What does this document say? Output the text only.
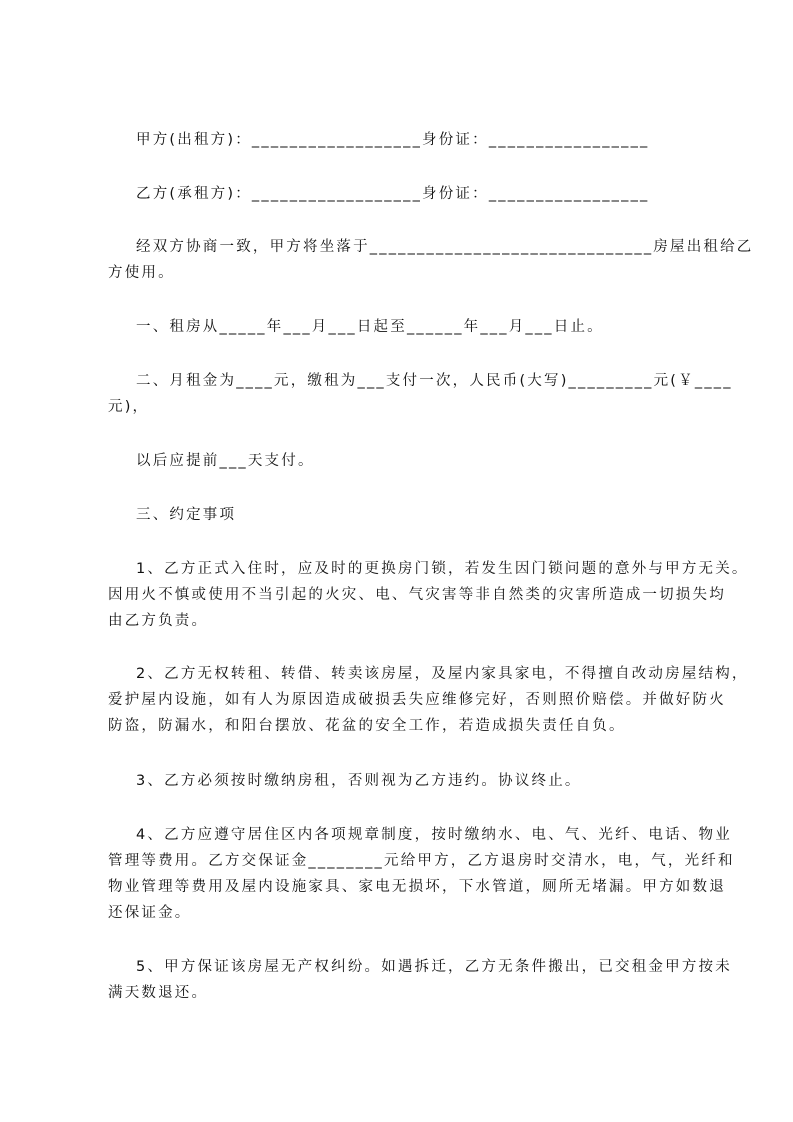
甲方(出租方)：__________________身份证：_________________
乙方(承租方)：__________________身份证：_________________
经双方协商一致，甲方将坐落于______________________________房屋出租给乙
方使用。
一、租房从_____年___月___日起至______年___月___日止。
二、月租金为____元，缴租为___支付一次，人民币(大写)_________元(￥____
元)，
以后应提前___天支付。
三、约定事项
1、乙方正式入住时，应及时的更换房门锁，若发生因门锁问题的意外与甲方无关。
因用火不慎或使用不当引起的火灾、电、气灾害等非自然类的灾害所造成一切损失均
由乙方负责。
2、乙方无权转租、转借、转卖该房屋，及屋内家具家电，不得擅自改动房屋结构，
爱护屋内设施，如有人为原因造成破损丢失应维修完好，否则照价赔偿。并做好防火
防盗，防漏水，和阳台摆放、花盆的安全工作，若造成损失责任自负。
3、乙方必须按时缴纳房租，否则视为乙方违约。协议终止。
4、乙方应遵守居住区内各项规章制度，按时缴纳水、电、气、光纤、电话、物业
管理等费用。乙方交保证金________元给甲方，乙方退房时交清水，电，气，光纤和
物业管理等费用及屋内设施家具、家电无损坏，下水管道，厕所无堵漏。甲方如数退
还保证金。
5、甲方保证该房屋无产权纠纷。如遇拆迁，乙方无条件搬出，已交租金甲方按未
满天数退还。
